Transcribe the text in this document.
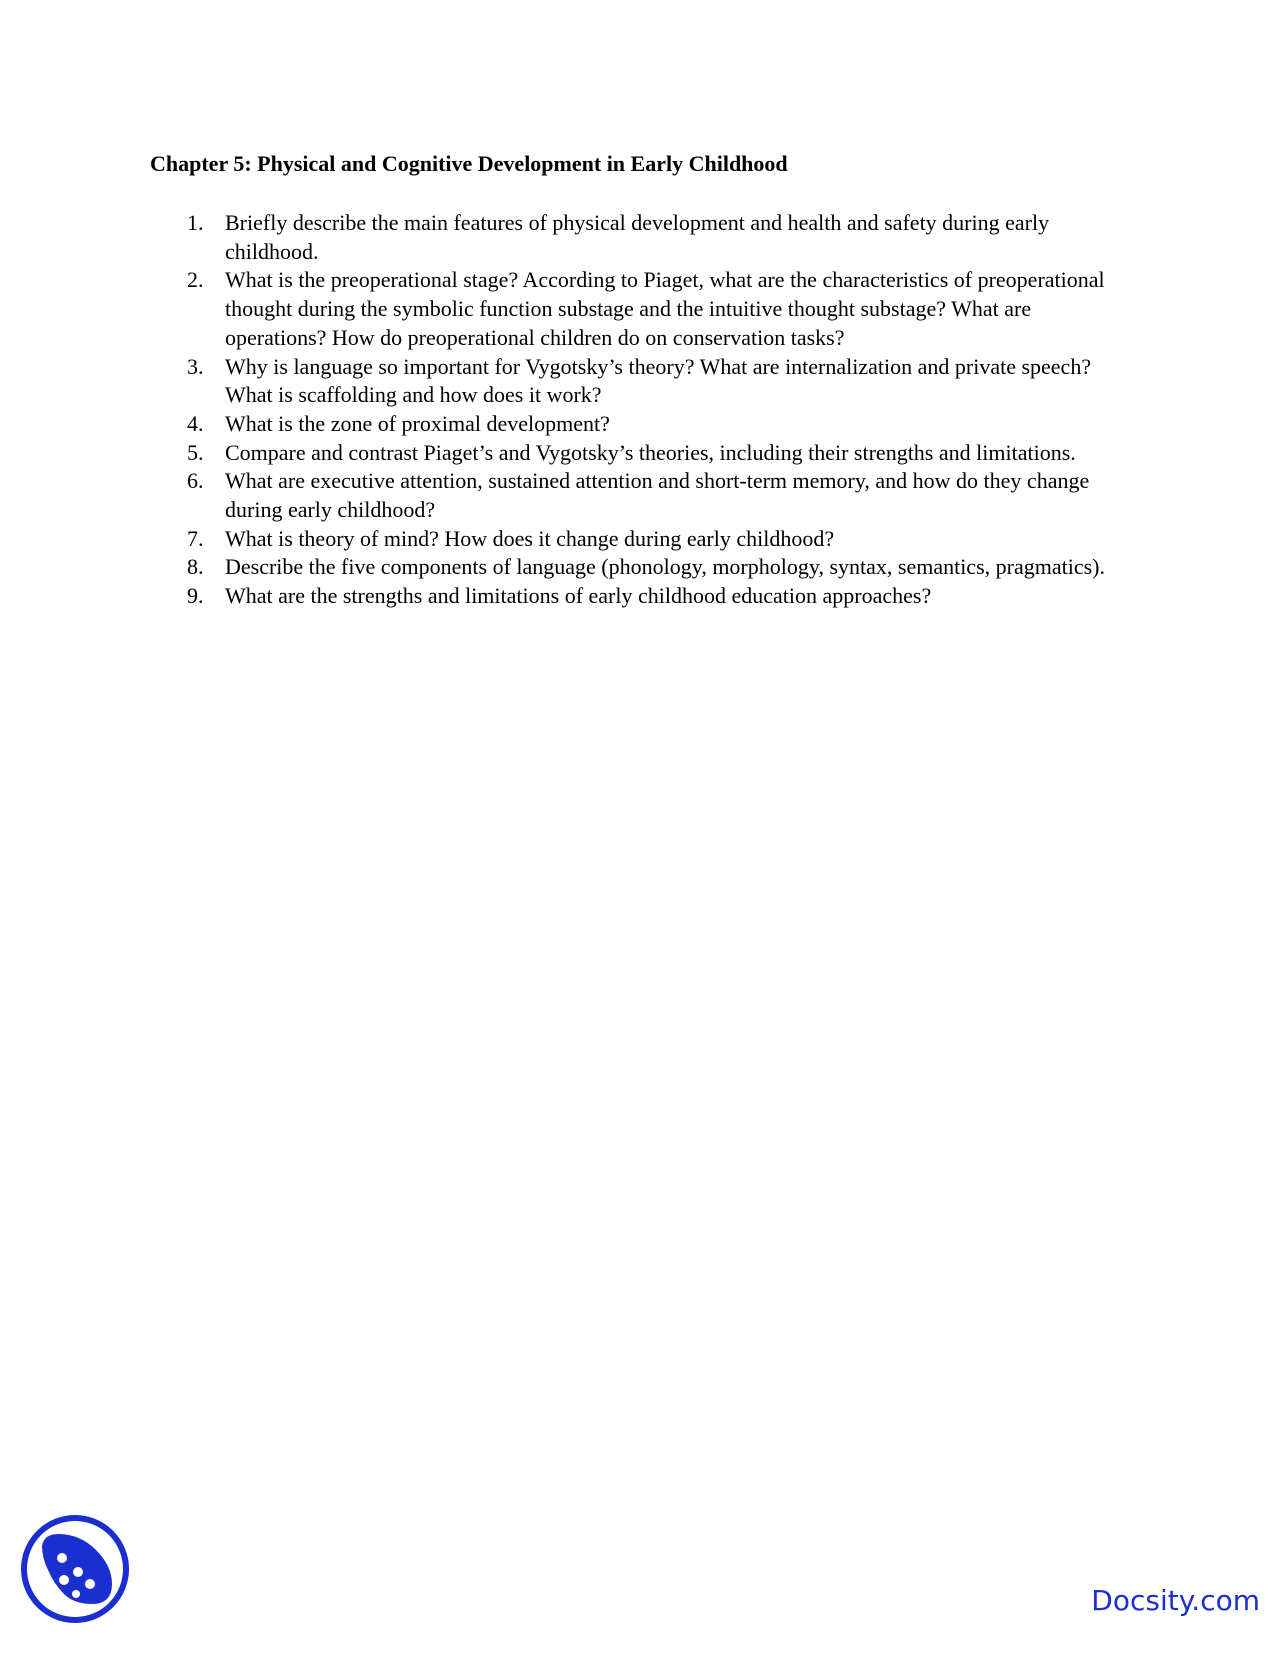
Chapter 5: Physical and Cognitive Development in Early Childhood
1. Briefly describe the main features of physical development and health and safety during early childhood.
2. What is the preoperational stage? According to Piaget, what are the characteristics of preoperational thought during the symbolic function substage and the intuitive thought substage? What are operations? How do preoperational children do on conservation tasks?
3. Why is language so important for Vygotsky’s theory? What are internalization and private speech? What is scaffolding and how does it work?
4. What is the zone of proximal development?
5. Compare and contrast Piaget’s and Vygotsky’s theories, including their strengths and limitations.
6. What are executive attention, sustained attention and short-term memory, and how do they change during early childhood?
7. What is theory of mind? How does it change during early childhood?
8. Describe the five components of language (phonology, morphology, syntax, semantics, pragmatics).
9. What are the strengths and limitations of early childhood education approaches?
Docsity.com
